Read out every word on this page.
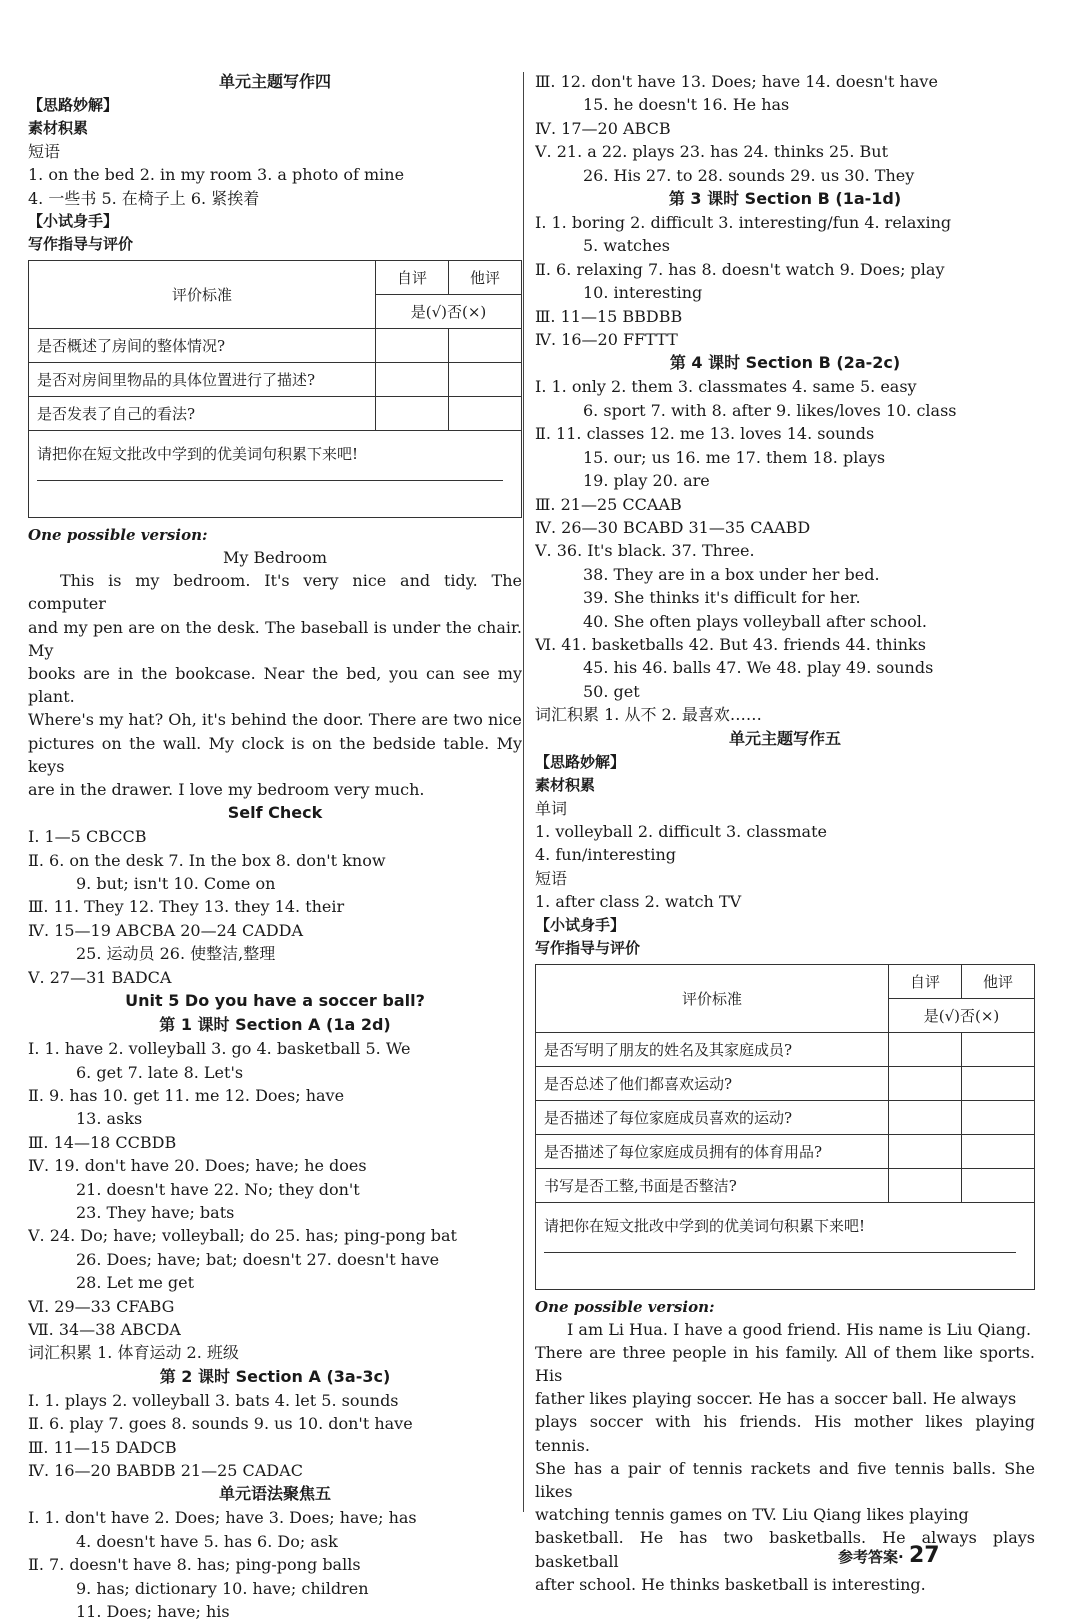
单元主题写作四
【思路妙解】
素材积累
短语
1. on the bed 2. in my room 3. a photo of mine
4. 一些书 5. 在椅子上 6. 紧挨着
【小试身手】
写作指导与评价
评价标准	自评	他评
	是(√)否(×)	
是否概述了房间的整体情况?		
是否对房间里物品的具体位置进行了描述?		
是否发表了自己的看法?		
请把你在短文批改中学到的优美词句积累下来吧!		
One possible version:
My Bedroom
This is my bedroom. It's very nice and tidy. The computer
and my pen are on the desk. The baseball is under the chair. My
books are in the bookcase. Near the bed, you can see my plant.
Where's my hat? Oh, it's behind the door. There are two nice
pictures on the wall. My clock is on the bedside table. My keys
are in the drawer. I love my bedroom very much.
Self Check
Ⅰ. 1—5 CBCCB
Ⅱ. 6. on the desk 7. In the box 8. don't know
9. but; isn't 10. Come on
Ⅲ. 11. They 12. They 13. they 14. their
Ⅳ. 15—19 ABCBA 20—24 CADDA
25. 运动员 26. 使整洁,整理
Ⅴ. 27—31 BADCA
Unit 5 Do you have a soccer ball?
第 1 课时 Section A (1a 2d)
Ⅰ. 1. have 2. volleyball 3. go 4. basketball 5. We
6. get 7. late 8. Let's
Ⅱ. 9. has 10. get 11. me 12. Does; have
13. asks
Ⅲ. 14—18 CCBDB
Ⅳ. 19. don't have 20. Does; have; he does
21. doesn't have 22. No; they don't
23. They have; bats
Ⅴ. 24. Do; have; volleyball; do 25. has; ping-pong bat
26. Does; have; bat; doesn't 27. doesn't have
28. Let me get
Ⅵ. 29—33 CFABG
Ⅶ. 34—38 ABCDA
词汇积累 1. 体育运动 2. 班级
第 2 课时 Section A (3a-3c)
Ⅰ. 1. plays 2. volleyball 3. bats 4. let 5. sounds
Ⅱ. 6. play 7. goes 8. sounds 9. us 10. don't have
Ⅲ. 11—15 DADCB
Ⅳ. 16—20 BABDB 21—25 CADAC
单元语法聚焦五
Ⅰ. 1. don't have 2. Does; have 3. Does; have; has
4. doesn't have 5. has 6. Do; ask
Ⅱ. 7. doesn't have 8. has; ping-pong balls
9. has; dictionary 10. have; children
11. Does; have; his
Ⅲ. 12. don't have 13. Does; have 14. doesn't have
15. he doesn't 16. He has
Ⅳ. 17—20 ABCB
Ⅴ. 21. a 22. plays 23. has 24. thinks 25. But
26. His 27. to 28. sounds 29. us 30. They
第 3 课时 Section B (1a-1d)
Ⅰ. 1. boring 2. difficult 3. interesting/fun 4. relaxing
5. watches
Ⅱ. 6. relaxing 7. has 8. doesn't watch 9. Does; play
10. interesting
Ⅲ. 11—15 BBDBB
Ⅳ. 16—20 FFTTT
第 4 课时 Section B (2a-2c)
Ⅰ. 1. only 2. them 3. classmates 4. same 5. easy
6. sport 7. with 8. after 9. likes/loves 10. class
Ⅱ. 11. classes 12. me 13. loves 14. sounds
15. our; us 16. me 17. them 18. plays
19. play 20. are
Ⅲ. 21—25 CCAAB
Ⅳ. 26—30 BCABD 31—35 CAABD
Ⅴ. 36. It's black. 37. Three.
38. They are in a box under her bed.
39. She thinks it's difficult for her.
40. She often plays volleyball after school.
Ⅵ. 41. basketballs 42. But 43. friends 44. thinks
45. his 46. balls 47. We 48. play 49. sounds
50. get
词汇积累 1. 从不 2. 最喜欢……
单元主题写作五
【思路妙解】
素材积累
单词
1. volleyball 2. difficult 3. classmate
4. fun/interesting
短语
1. after class 2. watch TV
【小试身手】
写作指导与评价
评价标准	自评	他评
	是(√)否(×)	
是否写明了朋友的姓名及其家庭成员?		
是否总述了他们都喜欢运动?		
是否描述了每位家庭成员喜欢的运动?		
是否描述了每位家庭成员拥有的体育用品?		
书写是否工整,书面是否整洁?		
请把你在短文批改中学到的优美词句积累下来吧!		
One possible version:
I am Li Hua. I have a good friend. His name is Liu Qiang.
There are three people in his family. All of them like sports. His
father likes playing soccer. He has a soccer ball. He always
plays soccer with his friends. His mother likes playing tennis.
She has a pair of tennis rackets and five tennis balls. She likes
watching tennis games on TV. Liu Qiang likes playing
basketball. He has two basketballs. He always plays basketball
after school. He thinks basketball is interesting.
参考答案· 27
